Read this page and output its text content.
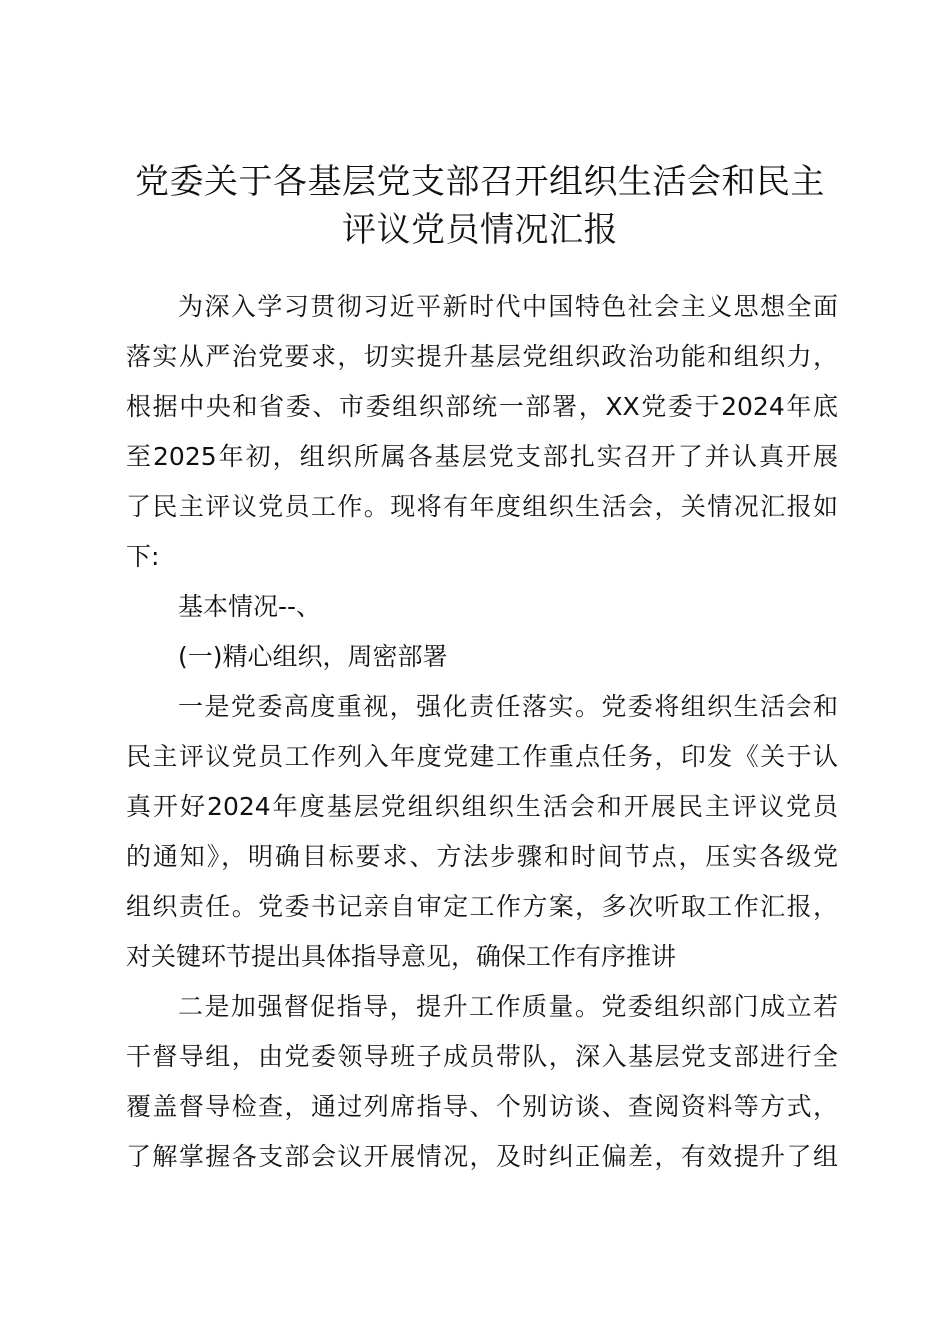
党委关于各基层党支部召开组织生活会和民主
评议党员情况汇报
为深入学习贯彻习近平新时代中国特色社会主义思想全面
落实从严治党要求，切实提升基层党组织政治功能和组织力，
根据中央和省委、市委组织部统一部署，XX党委于2024年底
至2025年初，组织所属各基层党支部扎实召开了并认真开展
了民主评议党员工作。现将有年度组织生活会，关情况汇报如
下:
基本情况--、
(一)精心组织，周密部署
一是党委高度重视，强化责任落实。党委将组织生活会和
民主评议党员工作列入年度党建工作重点任务，印发《关于认
真开好2024年度基层党组织组织生活会和开展民主评议党员
的通知》，明确目标要求、方法步骤和时间节点，压实各级党
组织责任。党委书记亲自审定工作方案，多次听取工作汇报，
对关键环节提出具体指导意见，确保工作有序推讲
二是加强督促指导，提升工作质量。党委组织部门成立若
干督导组，由党委领导班子成员带队，深入基层党支部进行全
覆盖督导检查，通过列席指导、个别访谈、查阅资料等方式，
了解掌握各支部会议开展情况，及时纠正偏差，有效提升了组
